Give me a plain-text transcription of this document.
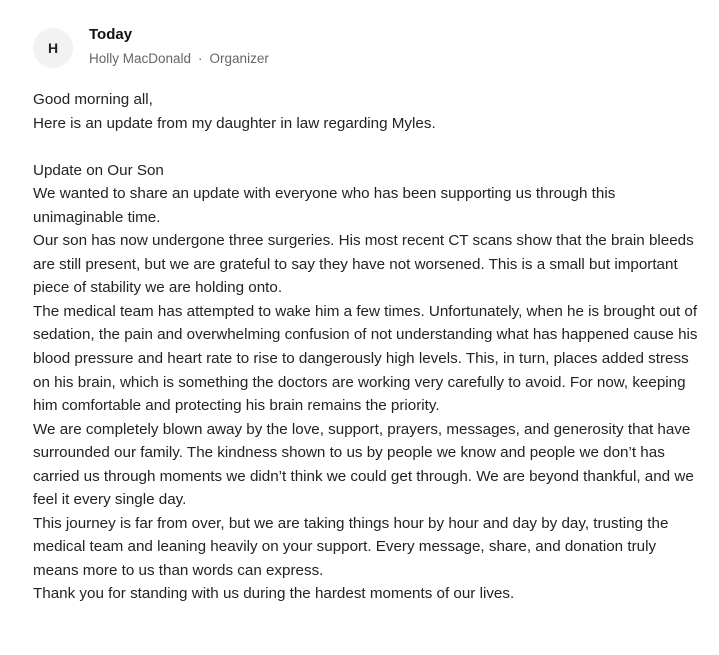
H
Today
Holly MacDonald · Organizer

Good morning all,

Here is an update from my daughter in law regarding Myles.

Update on Our Son

We wanted to share an update with everyone who has been supporting us through this unimaginable time.

Our son has now undergone three surgeries. His most recent CT scans show that the brain bleeds are still present, but we are grateful to say they have not worsened. This is a small but important piece of stability we are holding onto.

The medical team has attempted to wake him a few times. Unfortunately, when he is brought out of sedation, the pain and overwhelming confusion of not understanding what has happened cause his blood pressure and heart rate to rise to dangerously high levels. This, in turn, places added stress on his brain, which is something the doctors are working very carefully to avoid. For now, keeping him comfortable and protecting his brain remains the priority.

We are completely blown away by the love, support, prayers, messages, and generosity that have surrounded our family. The kindness shown to us by people we know and people we don’t has carried us through moments we didn’t think we could get through. We are beyond thankful, and we feel it every single day.

This journey is far from over, but we are taking things hour by hour and day by day, trusting the medical team and leaning heavily on your support. Every message, share, and donation truly means more to us than words can express.

Thank you for standing with us during the hardest moments of our lives.
